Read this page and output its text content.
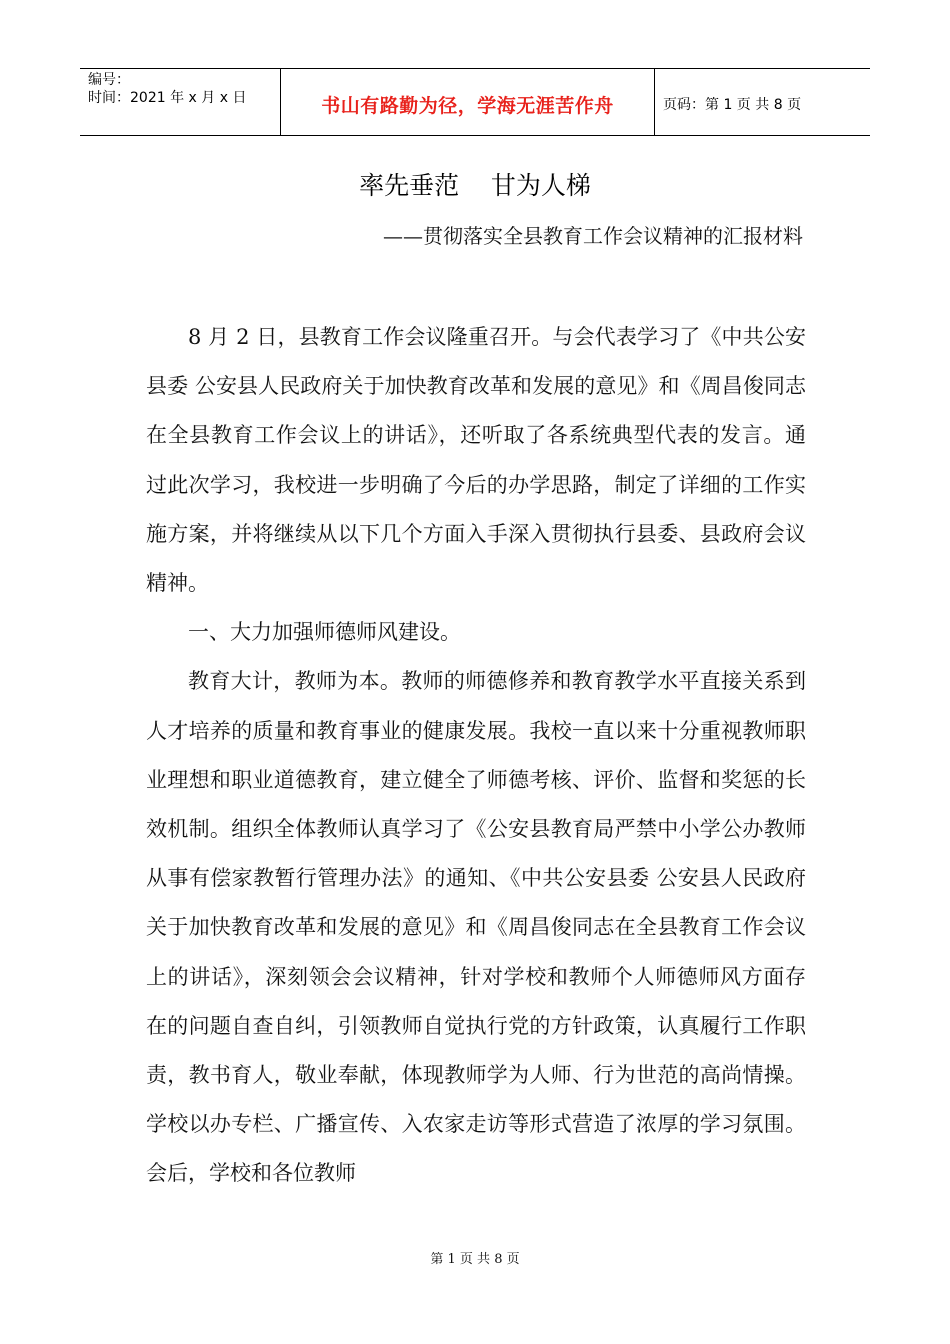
编号：
时间：2021 年 x 月 x 日	书山有路勤为径，学海无涯苦作舟	页码：第 1 页 共 8 页
率先垂范    甘为人梯
——贯彻落实全县教育工作会议精神的汇报材料

8 月 2 日，县教育工作会议隆重召开。与会代表学习了《中共公安县委 公安县人民政府关于加快教育改革和发展的意见》和《周昌俊同志在全县教育工作会议上的讲话》，还听取了各系统典型代表的发言。通过此次学习，我校进一步明确了今后的办学思路，制定了详细的工作实施方案，并将继续从以下几个方面入手深入贯彻执行县委、县政府会议精神。

一、大力加强师德师风建设。

教育大计，教师为本。教师的师德修养和教育教学水平直接关系到人才培养的质量和教育事业的健康发展。我校一直以来十分重视教师职业理想和职业道德教育，建立健全了师德考核、评价、监督和奖惩的长效机制。组织全体教师认真学习了《公安县教育局严禁中小学公办教师从事有偿家教暂行管理办法》的通知、《中共公安县委 公安县人民政府关于加快教育改革和发展的意见》和《周昌俊同志在全县教育工作会议上的讲话》，深刻领会会议精神，针对学校和教师个人师德师风方面存在的问题自查自纠，引领教师自觉执行党的方针政策，认真履行工作职责，教书育人，敬业奉献，体现教师学为人师、行为世范的高尚情操。学校以办专栏、广播宣传、入农家走访等形式营造了浓厚的学习氛围。会后，学校和各位教师

第 1 页 共 8 页
